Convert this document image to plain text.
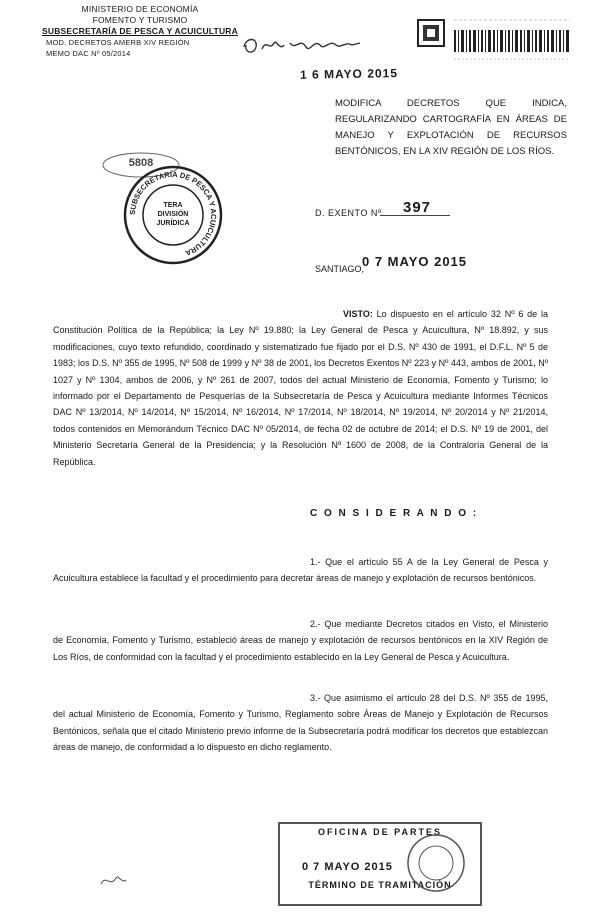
MINISTERIO DE ECONOMÍA
FOMENTO Y TURISMO
SUBSECRETARÍA DE PESCA Y ACUICULTURA
MOD. DECRETOS AMERB XIV REGIÓN
MEMO DAC Nº 05/2014
1 6 MAYO 2015
MODIFICA DECRETOS QUE INDICA, REGULARIZANDO CARTOGRAFÍA EN ÁREAS DE MANEJO Y EXPLOTACIÓN DE RECURSOS BENTÓNICOS, EN LA XIV REGIÓN DE LOS RÍOS.
5808
SUBSECRETARÍA DE PESCA Y ACUICULTURA
TERA
DIVISIÓN
JURÍDICA
D. EXENTO Nº 397
SANTIAGO,
0 7 MAYO 2015
VISTO: Lo dispuesto en el artículo 32 Nº 6 de la Constitución Política de la República; la Ley Nº 19.880; la Ley General de Pesca y Acuicultura, Nº 18.892, y sus modificaciones, cuyo texto refundido, coordinado y sistematizado fue fijado por el D.S. Nº 430 de 1991, el D.F.L. Nº 5 de 1983; los D.S. Nº 355 de 1995, Nº 508 de 1999 y Nº 38 de 2001, los Decretos Exentos Nº 223 y Nº 443, ambos de 2001, Nº 1027 y Nº 1304, ambos de 2006, y Nº 261 de 2007, todos del actual Ministerio de Economía, Fomento y Turismo; lo informado por el Departamento de Pesquerías de la Subsecretaría de Pesca y Acuicultura mediante Informes Técnicos DAC Nº 13/2014, Nº 14/2014, Nº 15/2014, Nº 16/2014, Nº 17/2014, Nº 18/2014, Nº 19/2014, Nº 20/2014 y Nº 21/2014, todos contenidos en Memorándum Técnico DAC Nº 05/2014, de fecha 02 de octubre de 2014; el D.S. Nº 19 de 2001, del Ministerio Secretaría General de la Presidencia; y la Resolución Nº 1600 de 2008, de la Contraloría General de la República.
C O N S I D E R A N D O :
1.- Que el artículo 55 A de la Ley General de Pesca y Acuicultura establece la facultad y el procedimiento para decretar áreas de manejo y explotación de recursos bentónicos.
2.- Que mediante Decretos citados en Visto, el Ministerio de Economía, Fomento y Turismo, estableció áreas de manejo y explotación de recursos bentónicos en la XIV Región de Los Ríos, de conformidad con la facultad y el procedimiento establecido en la Ley General de Pesca y Acuicultura.
3.- Que asimismo el artículo 28 del D.S. Nº 355 de 1995, del actual Ministerio de Economía, Fomento y Turismo, Reglamento sobre Áreas de Manejo y Explotación de Recursos Bentónicos, señala que el citado Ministerio previo informe de la Subsecretaría podrá modificar los decretos que establezcan áreas de manejo, de conformidad a lo dispuesto en dicho reglamento.
OFICINA DE PARTES
0 7 MAYO 2015
TÉRMINO DE TRAMITACIÓN
